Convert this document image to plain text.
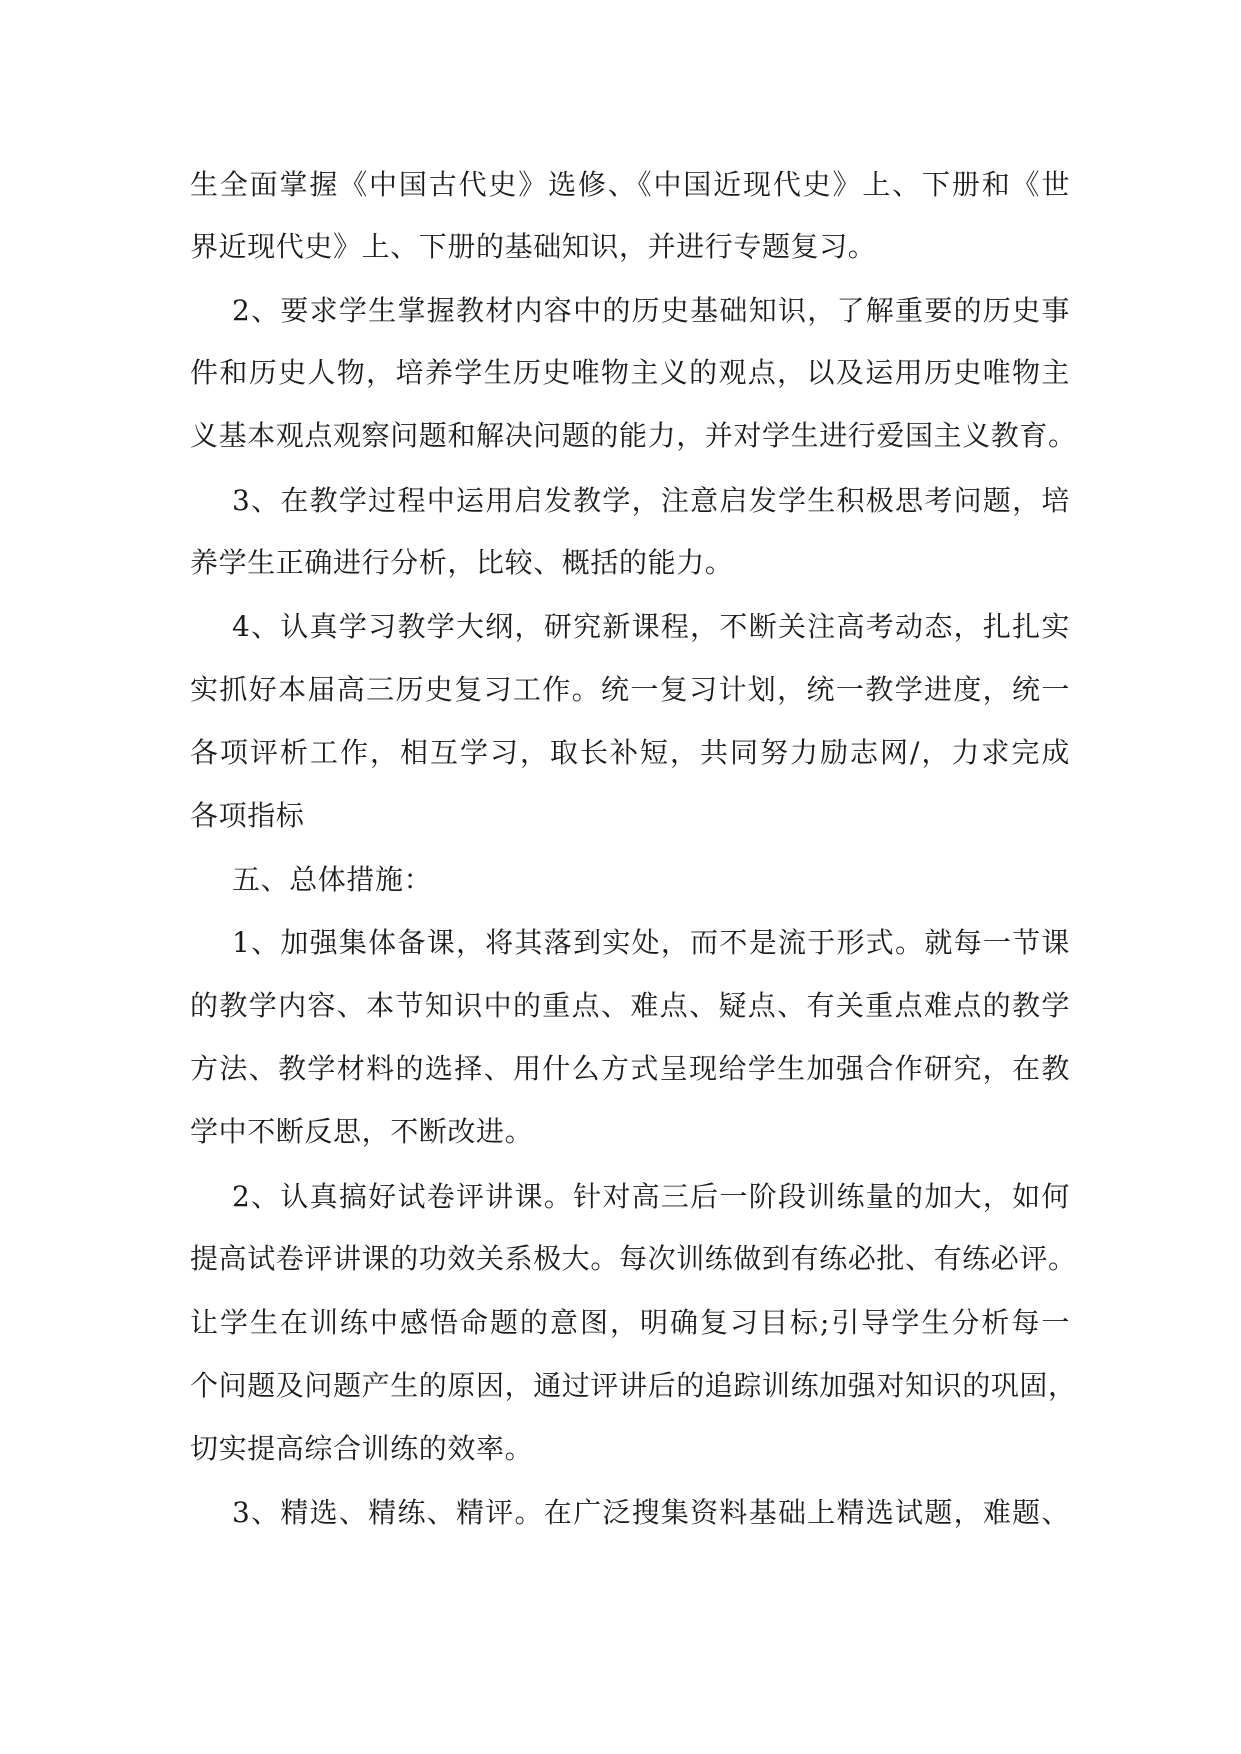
生全面掌握《中国古代史》选修、《中国近现代史》上、下册和《世
界近现代史》上、下册的基础知识，并进行专题复习。
2、要求学生掌握教材内容中的历史基础知识，了解重要的历史事
件和历史人物，培养学生历史唯物主义的观点，以及运用历史唯物主
义基本观点观察问题和解决问题的能力，并对学生进行爱国主义教育。
3、在教学过程中运用启发教学，注意启发学生积极思考问题，培
养学生正确进行分析，比较、概括的能力。
4、认真学习教学大纲，研究新课程，不断关注高考动态，扎扎实
实抓好本届高三历史复习工作。统一复习计划，统一教学进度，统一
各项评析工作，相互学习，取长补短，共同努力励志网/，力求完成
各项指标
五、总体措施：
1、加强集体备课，将其落到实处，而不是流于形式。就每一节课
的教学内容、本节知识中的重点、难点、疑点、有关重点难点的教学
方法、教学材料的选择、用什么方式呈现给学生加强合作研究，在教
学中不断反思，不断改进。
2、认真搞好试卷评讲课。针对高三后一阶段训练量的加大，如何
提高试卷评讲课的功效关系极大。每次训练做到有练必批、有练必评。
让学生在训练中感悟命题的意图，明确复习目标;引导学生分析每一
个问题及问题产生的原因，通过评讲后的追踪训练加强对知识的巩固，
切实提高综合训练的效率。
3、精选、精练、精评。在广泛搜集资料基础上精选试题，难题、
